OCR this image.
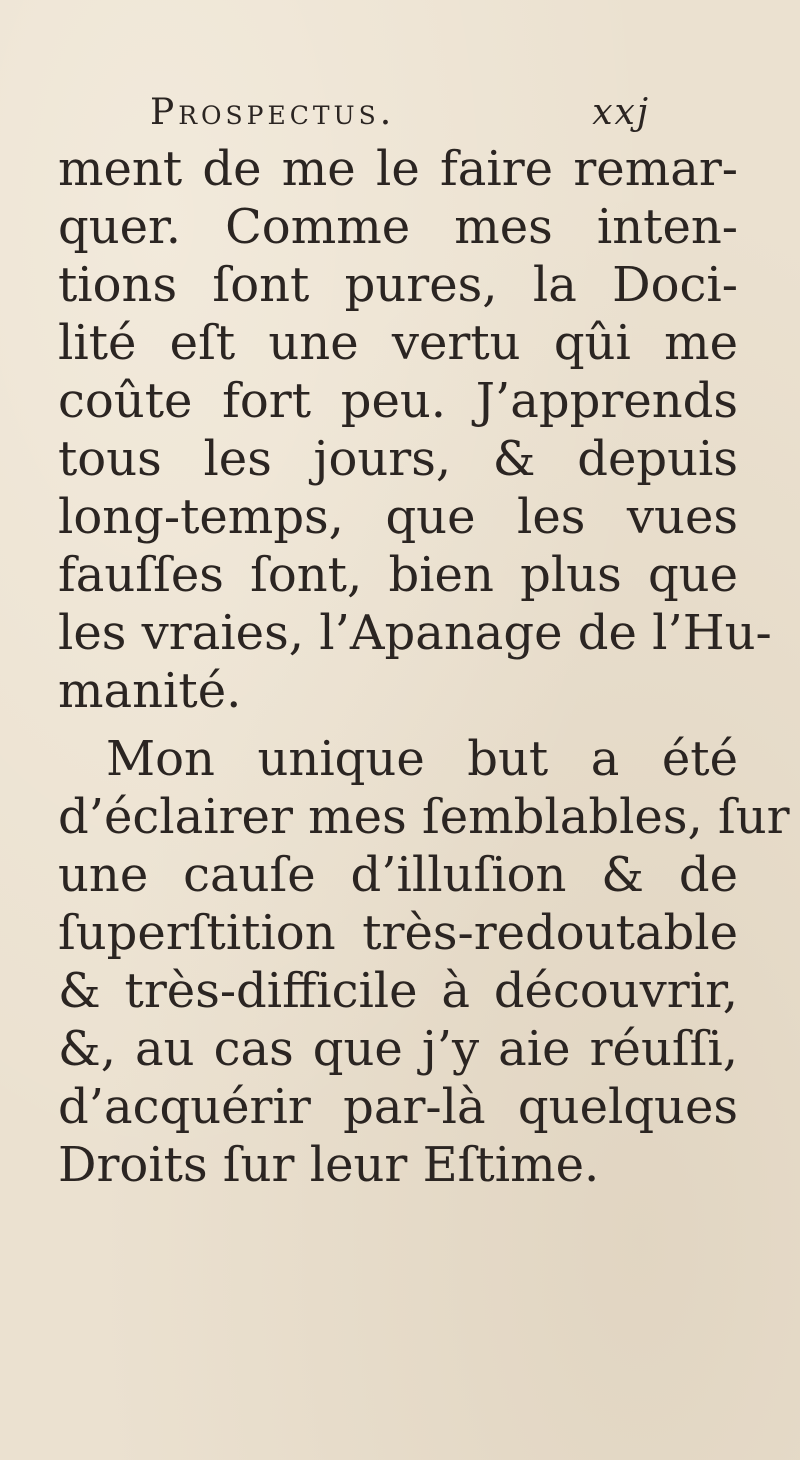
Prospectus.	xxj

ment de me le faire remar-
quer. Comme mes inten-
tions ſont pures, la Doci-
lité eſt une vertu qûi me
coûte fort peu. J’apprends
tous les jours, & depuis
long-temps, que les vues
fauſſes ſont, bien plus que
les vraies, l’Apanage de l’Hu-
manité.

Mon unique but a été
d’éclairer mes ſemblables, ſur
une cauſe d’illuſion & de
ſuperſtition très-redoutable
& très-difficile à découvrir,
&, au cas que j’y aie réuſſi,
d’acquérir par-là quelques
Droits ſur leur Eſtime.
